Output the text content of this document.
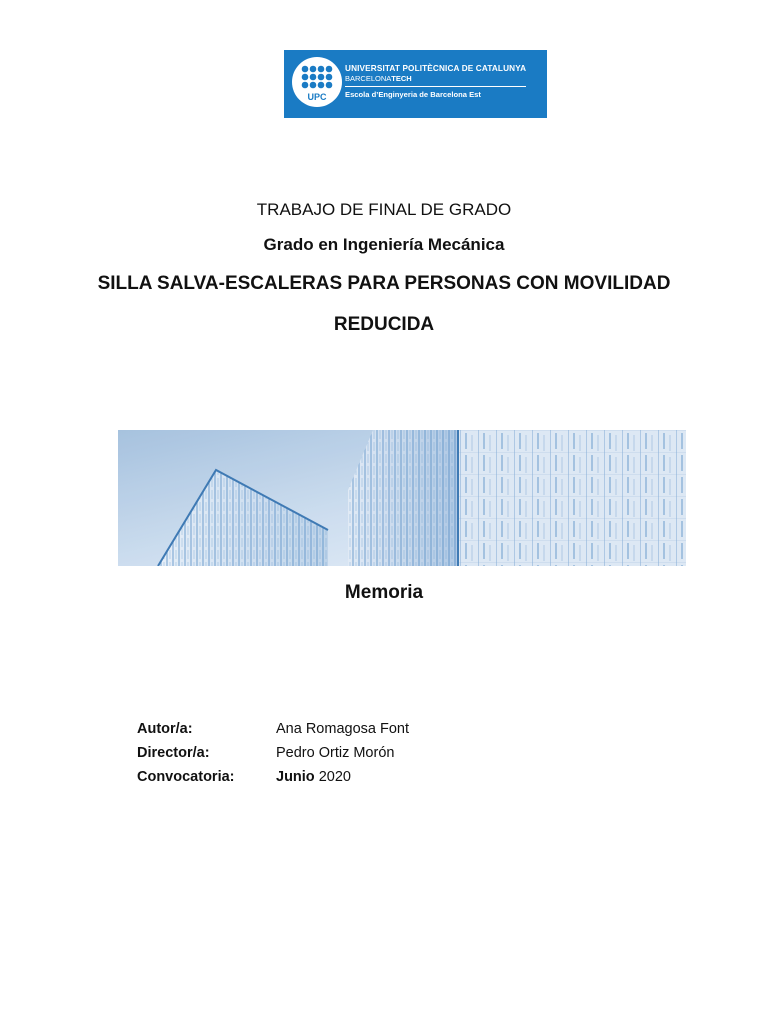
UPC
UNIVERSITAT POLITÈCNICA DE CATALUNYA
BARCELONATECH
Escola d’Enginyeria de Barcelona Est
TRABAJO DE FINAL DE GRADO
Grado en Ingeniería Mecánica
SILLA SALVA-ESCALERAS PARA PERSONAS CON MOVILIDAD
REDUCIDA
Memoria
Autor/a:	Ana Romagosa Font
Director/a:	Pedro Ortiz Morón
Convocatoria:	Junio 2020
